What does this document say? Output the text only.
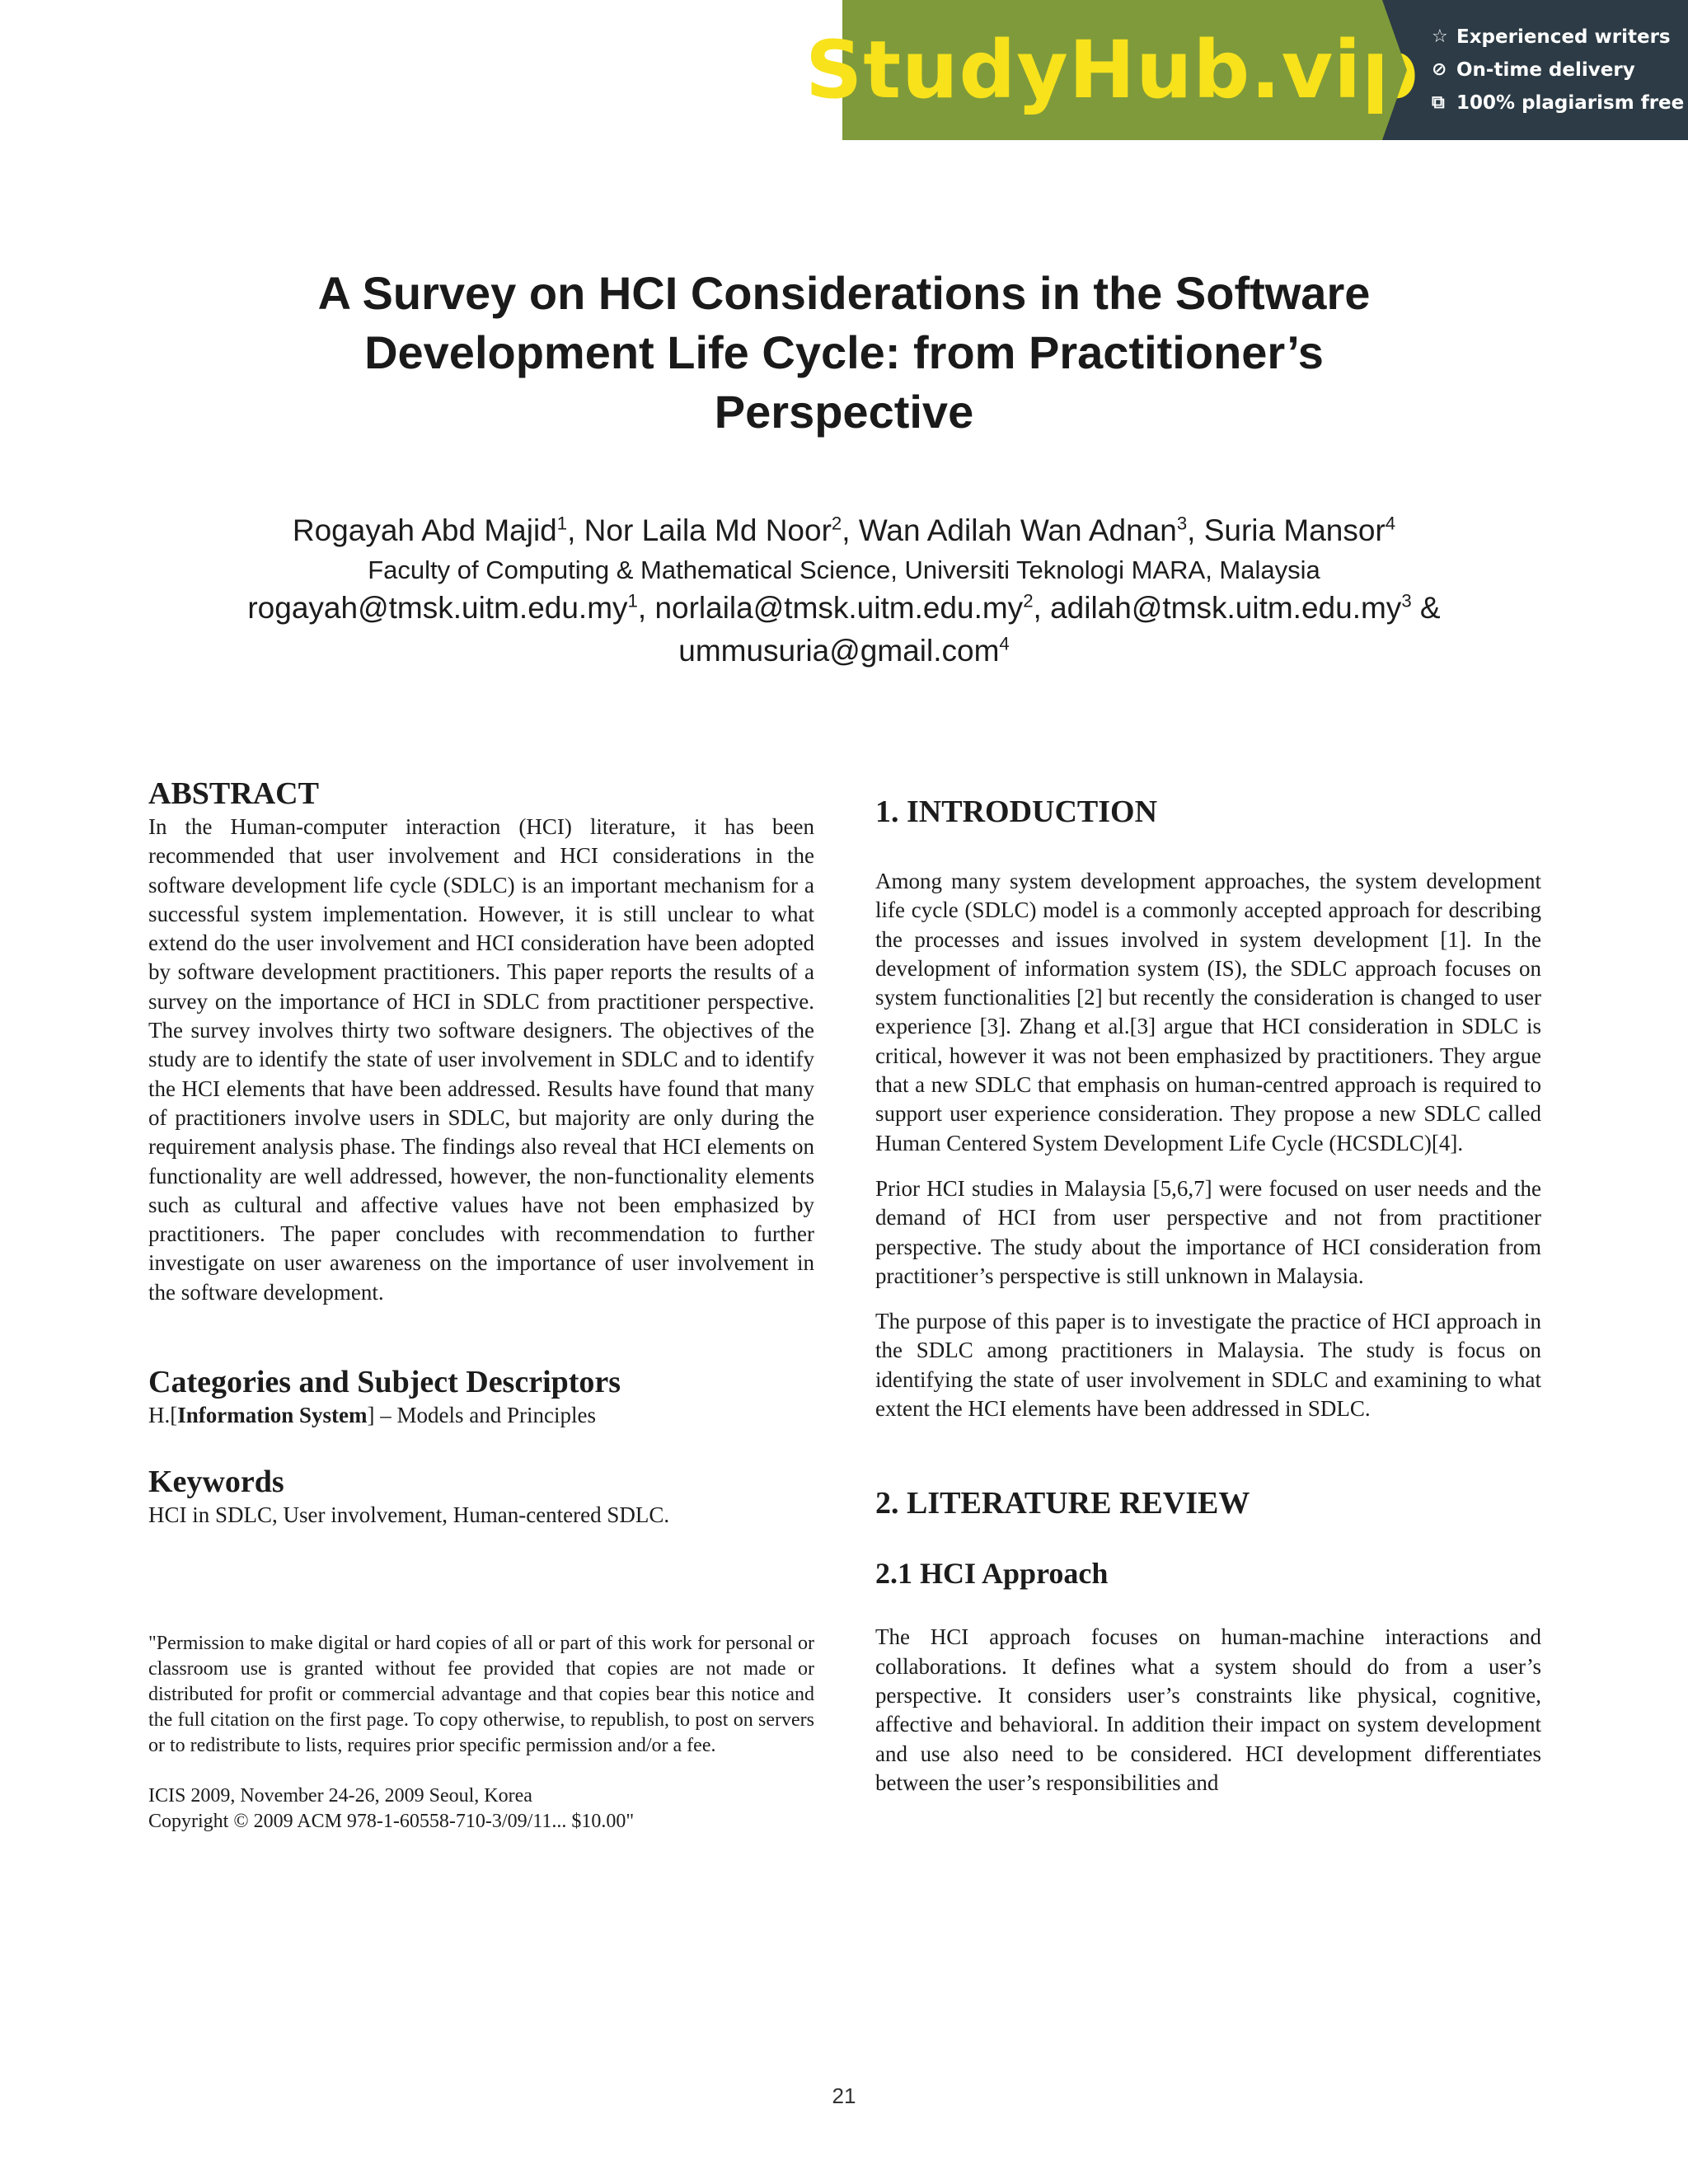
StudyHub.vip ☆ Experienced writers
⊘ On-time delivery
⧉ 100% plagiarism free
A Survey on HCI Considerations in the Software
Development Life Cycle: from Practitioner’s
Perspective
Rogayah Abd Majid$^1$, Nor Laila Md Noor$^2$, Wan Adilah Wan Adnan$^3$, Suria Mansor$^4$
Faculty of Computing & Mathematical Science, Universiti Teknologi MARA, Malaysia
$rogayah@tmsk.uitm.edu.my^1$, $norlaila@tmsk.uitm.edu.my^2$, $adilah@tmsk.uitm.edu.my^3$ &
ummusuria@gmail.com$^4$
ABSTRACT

In the Human-computer interaction (HCI) literature, it has been recommended that user involvement and HCI considerations in the software development life cycle (SDLC) is an important mechanism for a successful system implementation. However, it is still unclear to what extend do the user involvement and HCI consideration have been adopted by software development practitioners. This paper reports the results of a survey on the importance of HCI in SDLC from practitioner perspective. The survey involves thirty two software designers. The objectives of the study are to identify the state of user involvement in SDLC and to identify the HCI elements that have been addressed. Results have found that many of practitioners involve users in SDLC, but majority are only during the requirement analysis phase. The findings also reveal that HCI elements on functionality are well addressed, however, the non-functionality elements such as cultural and affective values have not been emphasized by practitioners. The paper concludes with recommendation to further investigate on user awareness on the importance of user involvement in the software development.

Categories and Subject Descriptors

H.[Information System] – Models and Principles

Keywords

HCI in SDLC, User involvement, Human-centered SDLC.

"Permission to make digital or hard copies of all or part of this work for personal or classroom use is granted without fee provided that copies are not made or distributed for profit or commercial advantage and that copies bear this notice and the full citation on the first page. To copy otherwise, to republish, to post on servers or to redistribute to lists, requires prior specific permission and/or a fee.

ICIS 2009, November 24-26, 2009 Seoul, Korea

Copyright © 2009 ACM 978-1-60558-710-3/09/11... $10.00"

1. INTRODUCTION

Among many system development approaches, the system development life cycle (SDLC) model is a commonly accepted approach for describing the processes and issues involved in system development [1]. In the development of information system (IS), the SDLC approach focuses on system functionalities [2] but recently the consideration is changed to user experience [3]. Zhang et al.[3] argue that HCI consideration in SDLC is critical, however it was not been emphasized by practitioners. They argue that a new SDLC that emphasis on human-centred approach is required to support user experience consideration. They propose a new SDLC called Human Centered System Development Life Cycle (HCSDLC)[4].

Prior HCI studies in Malaysia [5,6,7] were focused on user needs and the demand of HCI from user perspective and not from practitioner perspective. The study about the importance of HCI consideration from practitioner’s perspective is still unknown in Malaysia.

The purpose of this paper is to investigate the practice of HCI approach in the SDLC among practitioners in Malaysia. The study is focus on identifying the state of user involvement in SDLC and examining to what extent the HCI elements have been addressed in SDLC.

2. LITERATURE REVIEW
2.1 HCI Approach

The HCI approach focuses on human-machine interactions and collaborations. It defines what a system should do from a user’s perspective. It considers user’s constraints like physical, cognitive, affective and behavioral. In addition their impact on system development and use also need to be considered. HCI development differentiates between the user’s responsibilities and

21
